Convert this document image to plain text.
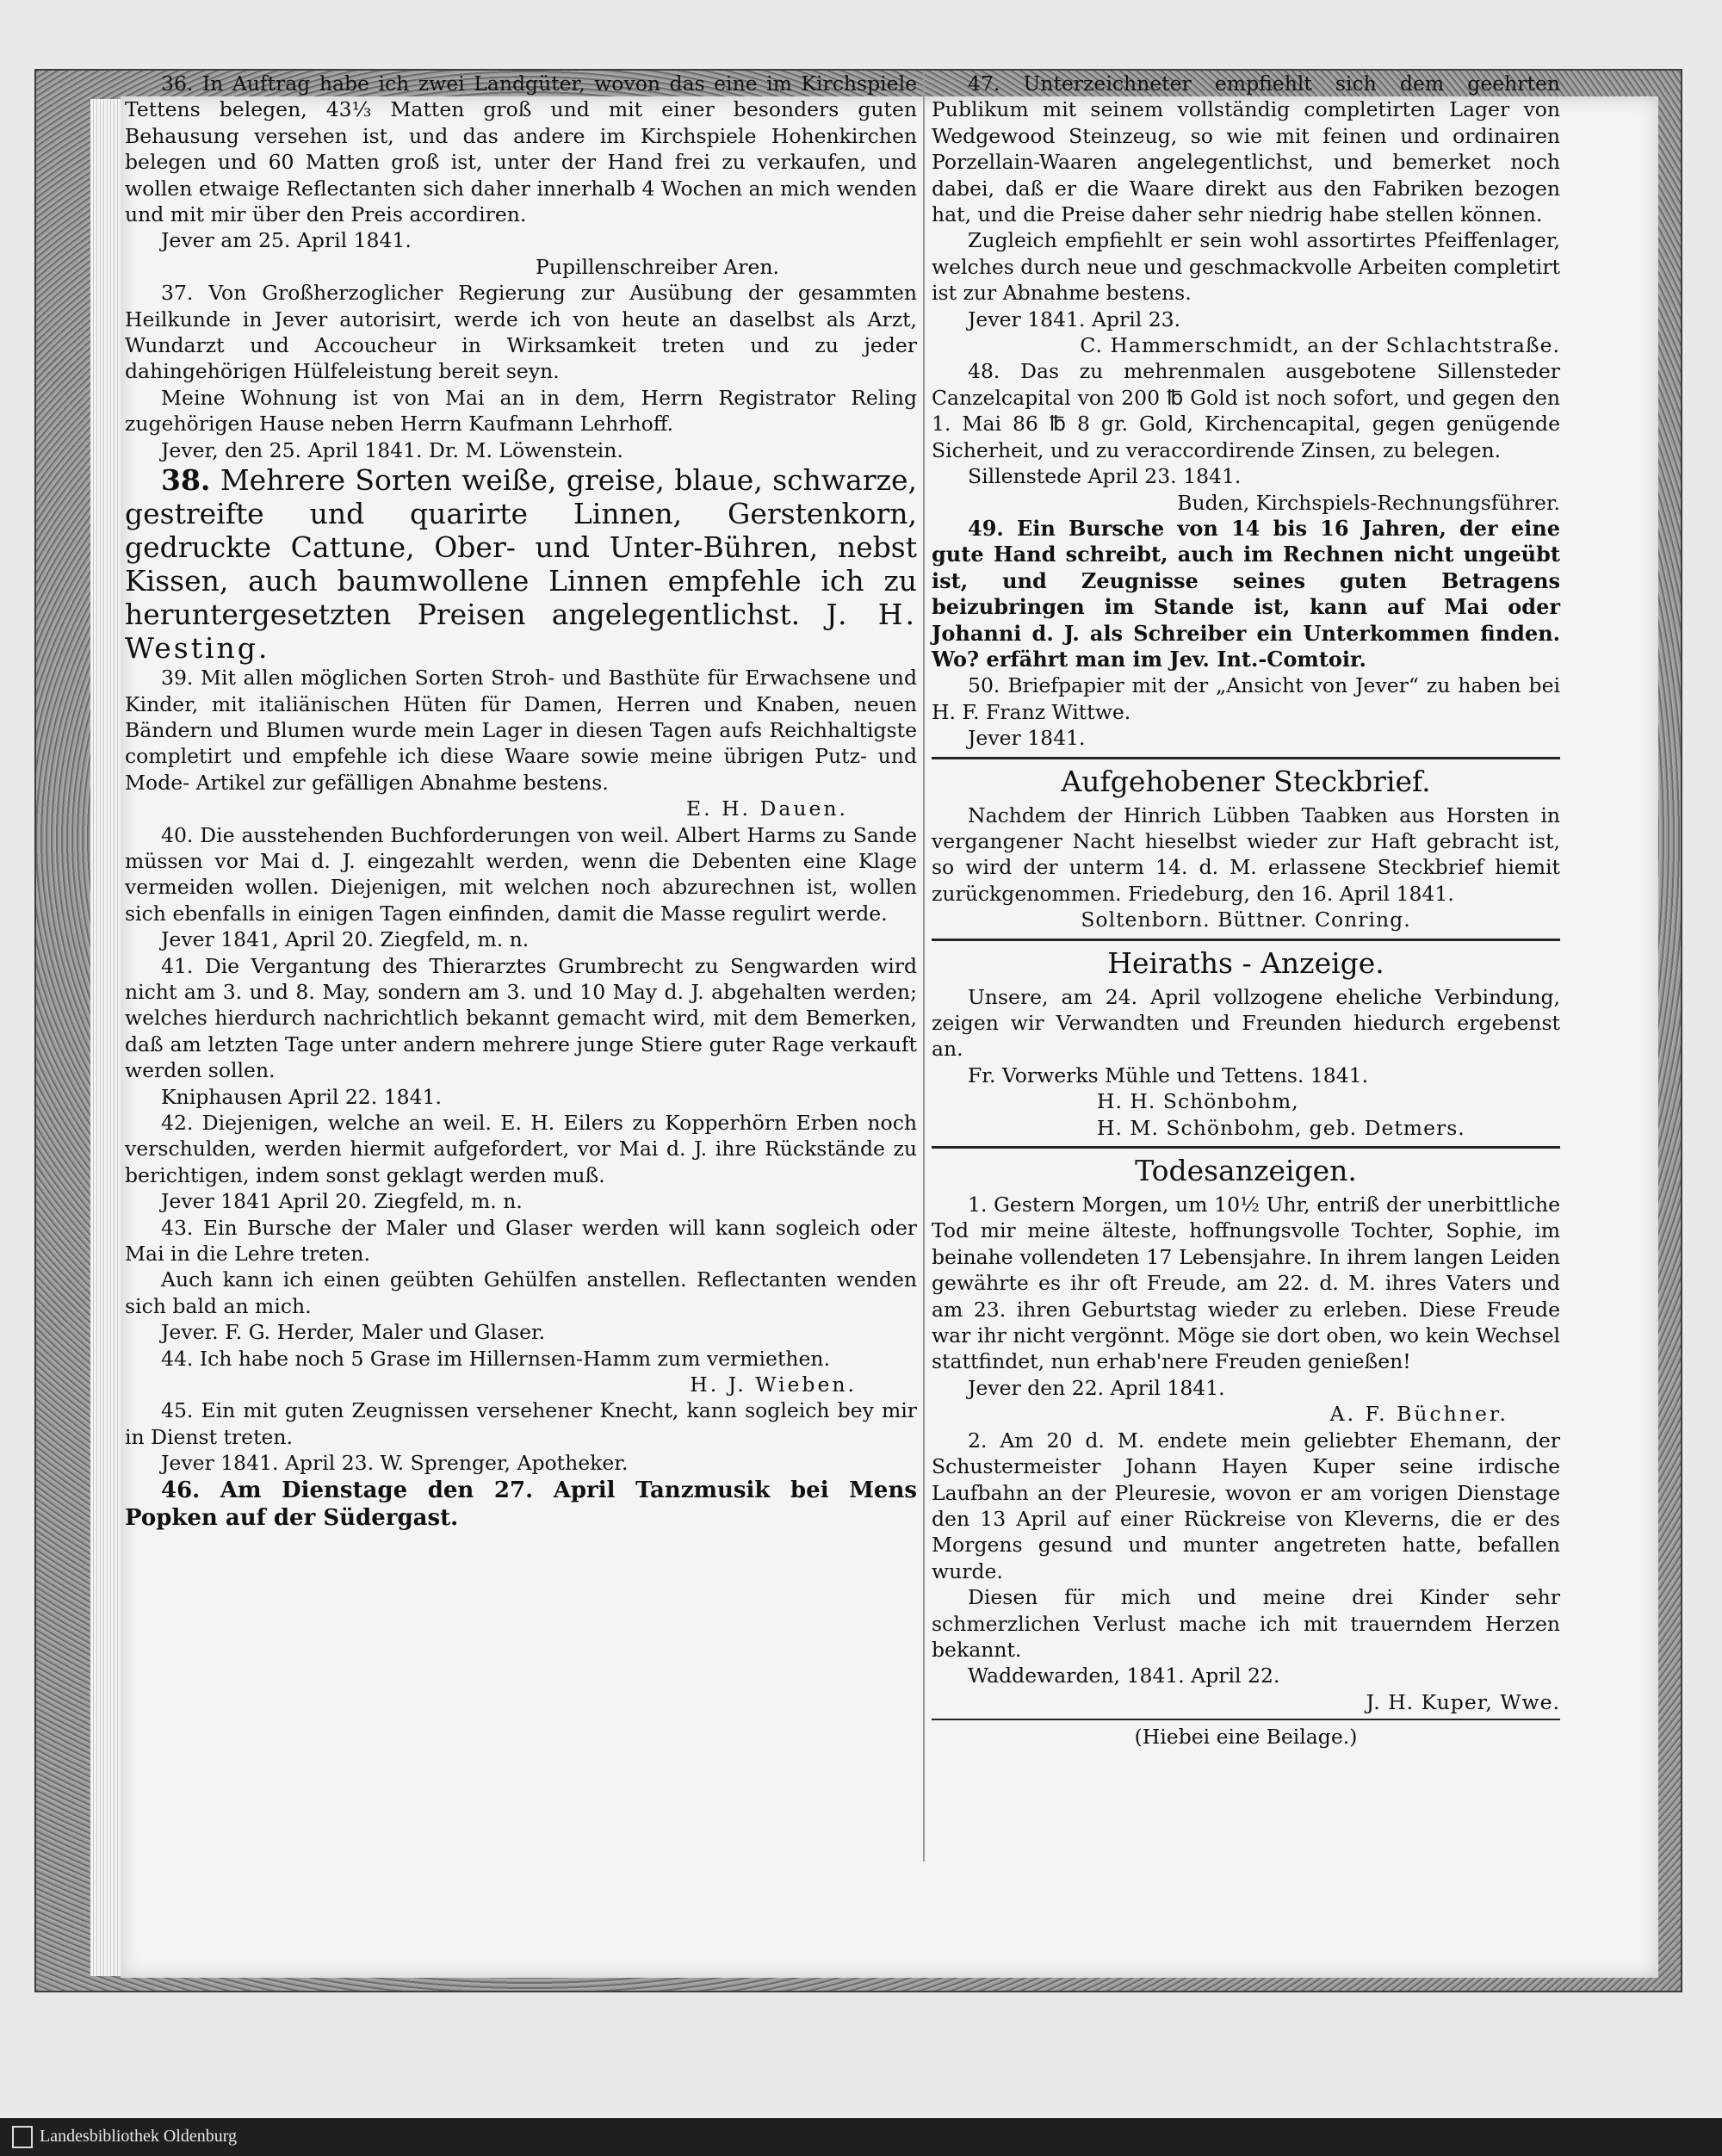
36. In Auftrag habe ich zwei Landgüter, wovon das eine im Kirchspiele Tettens belegen, 43⅓ Matten groß und mit einer besonders guten Behausung versehen ist, und das andere im Kirchspiele Hohenkirchen belegen und 60 Matten groß ist, unter der Hand frei zu verkaufen, und wollen etwaige Reflectanten sich daher innerhalb 4 Wochen an mich wenden und mit mir über den Preis accordiren.

Jever am 25. April 1841.

Pupillenschreiber Aren.

37. Von Großherzoglicher Regierung zur Ausübung der gesammten Heilkunde in Jever autorisirt, werde ich von heute an daselbst als Arzt, Wundarzt und Accoucheur in Wirksamkeit treten und zu jeder dahingehörigen Hülfeleistung bereit seyn.

Meine Wohnung ist von Mai an in dem, Herrn Registrator Reling zugehörigen Hause neben Herrn Kaufmann Lehrhoff.

Jever, den 25. April 1841. Dr. M. Löwenstein.

38. Mehrere Sorten weiße, greise, blaue, schwarze, gestreifte und quarirte Linnen, Gerstenkorn, gedruckte Cattune, Ober- und Unter-Bühren, nebst Kissen, auch baumwollene Linnen empfehle ich zu heruntergesetzten Preisen angelegentlichst. J. H. Westing.

39. Mit allen möglichen Sorten Stroh- und Basthüte für Erwachsene und Kinder, mit italiänischen Hüten für Damen, Herren und Knaben, neuen Bändern und Blumen wurde mein Lager in diesen Tagen aufs Reichhaltigste completirt und empfehle ich diese Waare sowie meine übrigen Putz- und Mode- Artikel zur gefälligen Abnahme bestens.

E. H. Dauen.

40. Die ausstehenden Buchforderungen von weil. Albert Harms zu Sande müssen vor Mai d. J. eingezahlt werden, wenn die Debenten eine Klage vermeiden wollen. Diejenigen, mit welchen noch abzurechnen ist, wollen sich ebenfalls in einigen Tagen einfinden, damit die Masse regulirt werde.

Jever 1841, April 20. Ziegfeld, m. n.

41. Die Vergantung des Thierarztes Grumbrecht zu Sengwarden wird nicht am 3. und 8. May, sondern am 3. und 10 May d. J. abgehalten werden; welches hierdurch nachrichtlich bekannt gemacht wird, mit dem Bemerken, daß am letzten Tage unter andern mehrere junge Stiere guter Rage verkauft werden sollen.

Kniphausen April 22. 1841.

42. Diejenigen, welche an weil. E. H. Eilers zu Kopperhörn Erben noch verschulden, werden hiermit aufgefordert, vor Mai d. J. ihre Rückstände zu berichtigen, indem sonst geklagt werden muß.

Jever 1841 April 20. Ziegfeld, m. n.

43. Ein Bursche der Maler und Glaser werden will kann sogleich oder Mai in die Lehre treten.

Auch kann ich einen geübten Gehülfen anstellen. Reflectanten wenden sich bald an mich.

Jever. F. G. Herder, Maler und Glaser.

44. Ich habe noch 5 Grase im Hillernsen-Hamm zum vermiethen.

H. J. Wieben.

45. Ein mit guten Zeugnissen versehener Knecht, kann sogleich bey mir in Dienst treten.

Jever 1841. April 23. W. Sprenger, Apotheker.

46. Am Dienstage den 27. April Tanzmusik bei Mens Popken auf der Südergast.

47. Unterzeichneter empfiehlt sich dem geehrten Publikum mit seinem vollständig completirten Lager von Wedgewood Steinzeug, so wie mit feinen und ordinairen Porzellain-Waaren angelegentlichst, und bemerket noch dabei, daß er die Waare direkt aus den Fabriken bezogen hat, und die Preise daher sehr niedrig habe stellen können.

Zugleich empfiehlt er sein wohl assortirtes Pfeiffenlager, welches durch neue und geschmackvolle Arbeiten completirt ist zur Abnahme bestens.

Jever 1841. April 23.

C. Hammerschmidt, an der Schlachtstraße.

48. Das zu mehrenmalen ausgebotene Sillensteder Canzelcapital von 200 ℔ Gold ist noch sofort, und gegen den 1. Mai 86 ℔ 8 gr. Gold, Kirchencapital, gegen genügende Sicherheit, und zu veraccordirende Zinsen, zu belegen.

Sillenstede April 23. 1841.

Buden, Kirchspiels-Rechnungsführer.

49. Ein Bursche von 14 bis 16 Jahren, der eine gute Hand schreibt, auch im Rechnen nicht ungeübt ist, und Zeugnisse seines guten Betragens beizubringen im Stande ist, kann auf Mai oder Johanni d. J. als Schreiber ein Unterkommen finden. Wo? erfährt man im Jev. Int.-Comtoir.

50. Briefpapier mit der „Ansicht von Jever“ zu haben bei H. F. Franz Wittwe.

Jever 1841.

Aufgehobener Steckbrief.

Nachdem der Hinrich Lübben Taabken aus Horsten in vergangener Nacht hieselbst wieder zur Haft gebracht ist, so wird der unterm 14. d. M. erlassene Steckbrief hiemit zurückgenommen. Friedeburg, den 16. April 1841.

Soltenborn. Büttner. Conring.

Heiraths - Anzeige.

Unsere, am 24. April vollzogene eheliche Verbindung, zeigen wir Verwandten und Freunden hiedurch ergebenst an.

Fr. Vorwerks Mühle und Tettens. 1841.

H. H. Schönbohm,

H. M. Schönbohm, geb. Detmers.

Todesanzeigen.

1. Gestern Morgen, um 10½ Uhr, entriß der unerbittliche Tod mir meine älteste, hoffnungsvolle Tochter, Sophie, im beinahe vollendeten 17 Lebensjahre. In ihrem langen Leiden gewährte es ihr oft Freude, am 22. d. M. ihres Vaters und am 23. ihren Geburtstag wieder zu erleben. Diese Freude war ihr nicht vergönnt. Möge sie dort oben, wo kein Wechsel stattfindet, nun erhab'nere Freuden genießen!

Jever den 22. April 1841.

A. F. Büchner.

2. Am 20 d. M. endete mein geliebter Ehemann, der Schustermeister Johann Hayen Kuper seine irdische Laufbahn an der Pleuresie, wovon er am vorigen Dienstage den 13 April auf einer Rückreise von Kleverns, die er des Morgens gesund und munter angetreten hatte, befallen wurde.

Diesen für mich und meine drei Kinder sehr schmerzlichen Verlust mache ich mit trauerndem Herzen bekannt.

Waddewarden, 1841. April 22.

J. H. Kuper, Wwe.

(Hiebei eine Beilage.)

Landesbibliothek Oldenburg
